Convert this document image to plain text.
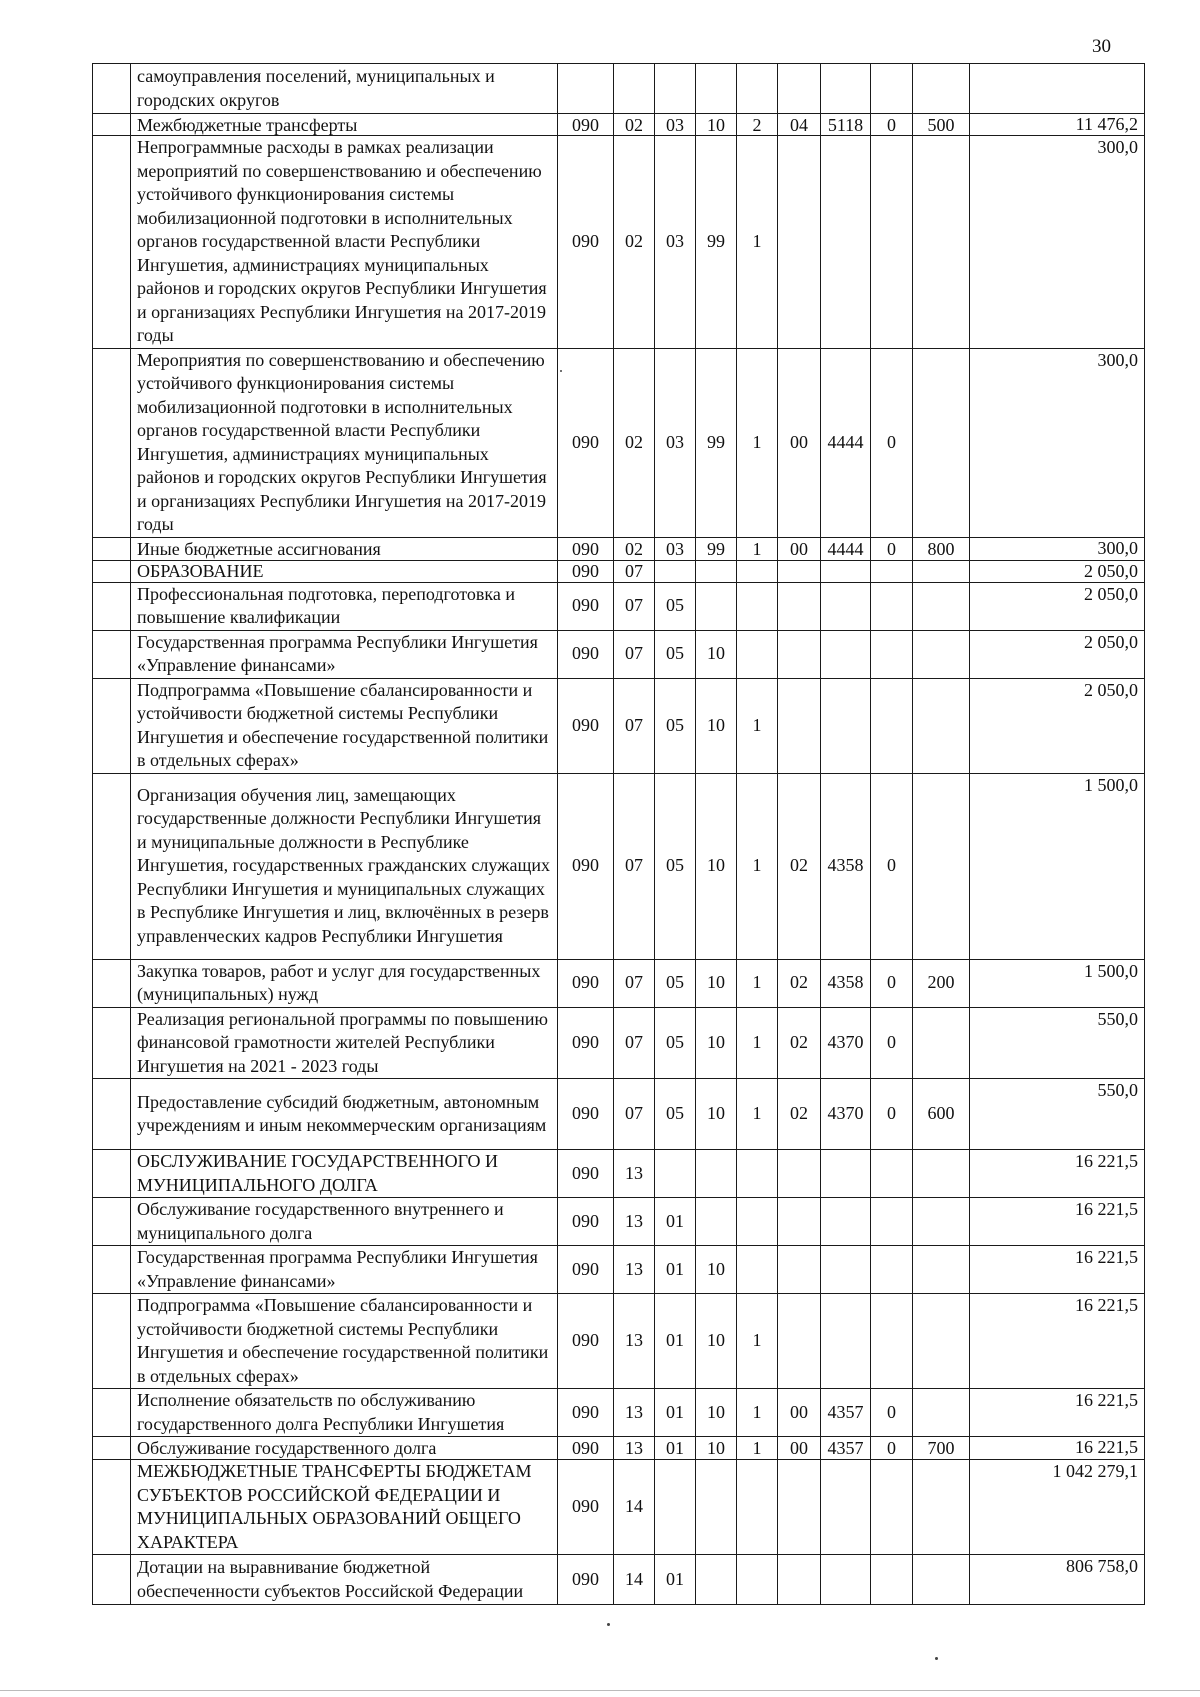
30
	самоуправления поселений, муниципальных и городских округов										
	Межбюджетные трансферты	090	02	03	10	2	04	5118	0	500	11 476,2
	Непрограммные расходы в рамках реализации мероприятий по совершенствованию и обеспечению устойчивого функционирования системы мобилизационной подготовки в исполнительных органов государственной власти Республики Ингушетия, администрациях муниципальных районов и городских округов Республики Ингушетия и организациях Республики Ингушетия на 2017-2019 годы	090	02	03	99	1					300,0
	Мероприятия по совершенствованию и обеспечению устойчивого функционирования системы мобилизационной подготовки в исполнительных органов государственной власти Республики Ингушетия, администрациях муниципальных районов и городских округов Республики Ингушетия и организациях Республики Ингушетия на 2017-2019 годы	090	02	03	99	1	00	4444	0		300,0
	Иные бюджетные ассигнования	090	02	03	99	1	00	4444	0	800	300,0
	ОБРАЗОВАНИЕ	090	07								2 050,0
	Профессиональная подготовка, переподготовка и повышение квалификации	090	07	05							2 050,0
	Государственная программа Республики Ингушетия «Управление финансами»	090	07	05	10						2 050,0
	Подпрограмма «Повышение сбалансированности и устойчивости бюджетной системы Республики Ингушетия и обеспечение государственной политики в отдельных сферах»	090	07	05	10	1					2 050,0
	Организация обучения лиц, замещающих государственные должности Республики Ингушетия и муниципальные должности в Республике Ингушетия, государственных гражданских служащих Республики Ингушетия и муниципальных служащих в Республике Ингушетия и лиц, включённых в резерв управленческих кадров Республики Ингушетия	090	07	05	10	1	02	4358	0		1 500,0
	Закупка товаров, работ и услуг для государственных (муниципальных) нужд	090	07	05	10	1	02	4358	0	200	1 500,0
	Реализация региональной программы по повышению финансовой грамотности жителей Республики Ингушетия на 2021 - 2023 годы	090	07	05	10	1	02	4370	0		550,0
	Предоставление субсидий бюджетным, автономным учреждениям и иным некоммерческим организациям	090	07	05	10	1	02	4370	0	600	550,0
	ОБСЛУЖИВАНИЕ ГОСУДАРСТВЕННОГО И МУНИЦИПАЛЬНОГО ДОЛГА	090	13								16 221,5
	Обслуживание государственного внутреннего и муниципального долга	090	13	01							16 221,5
	Государственная программа Республики Ингушетия «Управление финансами»	090	13	01	10						16 221,5
	Подпрограмма «Повышение сбалансированности и устойчивости бюджетной системы Республики Ингушетия и обеспечение государственной политики в отдельных сферах»	090	13	01	10	1					16 221,5
	Исполнение обязательств по обслуживанию государственного долга Республики Ингушетия	090	13	01	10	1	00	4357	0		16 221,5
	Обслуживание государственного долга	090	13	01	10	1	00	4357	0	700	16 221,5
	МЕЖБЮДЖЕТНЫЕ ТРАНСФЕРТЫ БЮДЖЕТАМ СУБЪЕКТОВ РОССИЙСКОЙ ФЕДЕРАЦИИ И МУНИЦИПАЛЬНЫХ ОБРАЗОВАНИЙ ОБЩЕГО ХАРАКТЕРА	090	14								1 042 279,1
	Дотации на выравнивание бюджетной обеспеченности субъектов Российской Федерации	090	14	01							806 758,0
